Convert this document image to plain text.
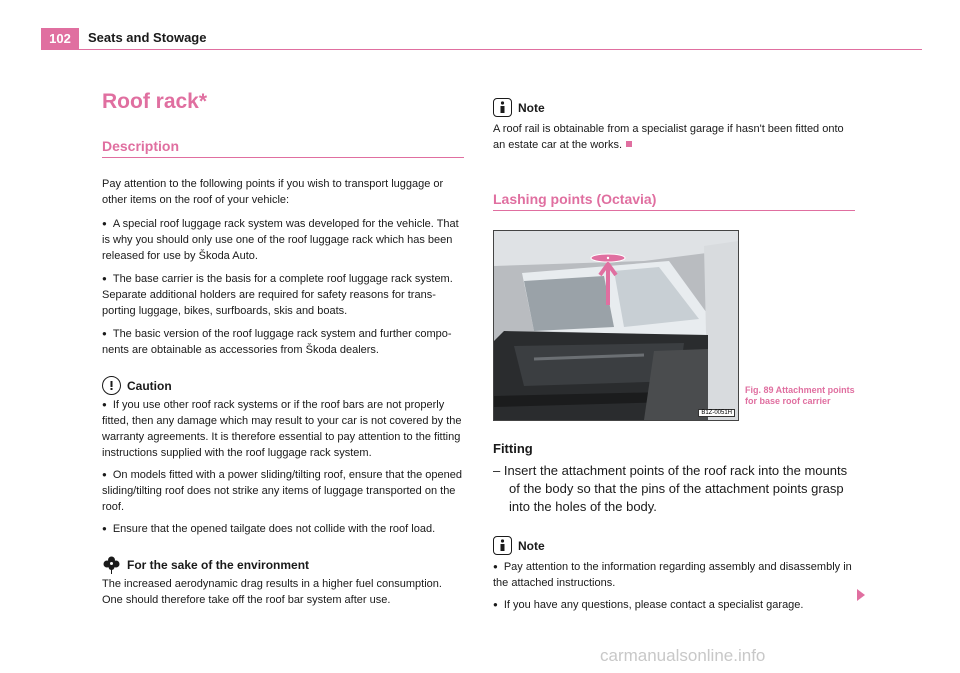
102	Seats and Stowage
Roof rack*
Description

Pay attention to the following points if you wish to transport luggage or other items on the roof of your vehicle:

● A special roof luggage rack system was developed for the vehicle. That is why you should only use one of the roof luggage rack which has been released for use by Škoda Auto.

● The base carrier is the basis for a complete roof luggage rack system. Separate additional holders are required for safety reasons for trans- porting luggage, bikes, surfboards, skis and boats.

● The basic version of the roof luggage rack system and further compo- nents are obtainable as accessories from Škoda dealers.

Caution

● If you use other roof rack systems or if the roof bars are not properly fitted, then any damage which may result to your car is not covered by the warranty agreements. It is therefore essential to pay attention to the fitting instructions supplied with the roof luggage rack system.

● On models fitted with a power sliding/tilting roof, ensure that the opened sliding/tilting roof does not strike any items of luggage transported on the roof.

● Ensure that the opened tailgate does not collide with the roof load.

For the sake of the environment

The increased aerodynamic drag results in a higher fuel consumption. One should therefore take off the roof bar system after use.

Note

A roof rail is obtainable from a specialist garage if hasn't been fitted onto an estate car at the works.

Lashing points (Octavia)
B1Z-0051H
Fig. 89 Attachment points for base roof carrier

Fitting

– Insert the attachment points of the roof rack into the mounts of the body so that the pins of the attachment points grasp into the holes of the body.

Note

● Pay attention to the information regarding assembly and disassembly in the attached instructions.

● If you have any questions, please contact a specialist garage.

carmanualsonline.info
